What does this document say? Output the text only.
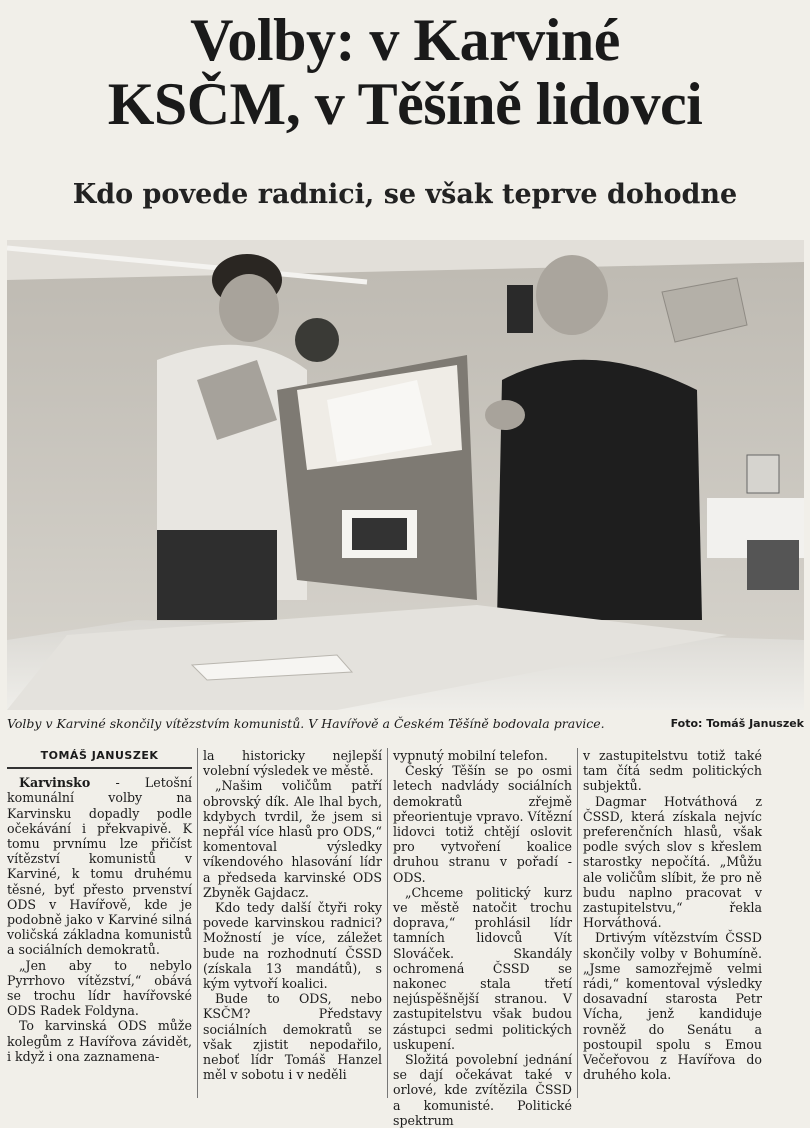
Volby: v Karviné
KSČM, v Těšíně lidovci
Kdo povede radnici, se však teprve dohodne
Volby v Karviné skončily vítězstvím komunistů. V Havířově a Českém Těšíně bodovala pravice.	Foto: Tomáš Januszek
TOMÁŠ JANUSZEK

Karvinsko - Letošní komunální volby na Karvinsku dopadly podle očekávání i překvapivě. K tomu prvnímu lze přičíst vítězství komunistů v Karviné, k tomu druhému těsné, byť přesto prvenství ODS v Havířově, kde je podobně jako v Karviné silná voličská základna komunistů a sociálních demokratů.

„Jen aby to nebylo Pyrrhovo vítězství,“ obává se trochu lídr havířovské ODS Radek Foldyna.

To karvinská ODS může kolegům z Havířova závidět, i když i ona zaznamena-

la historicky nejlepší volební výsledek ve městě.

„Našim voličům patří obrovský dík. Ale lhal bych, kdybych tvrdil, že jsem si nepřál více hlasů pro ODS,“ komentoval výsledky víkendového hlasování lídr a předseda karvinské ODS Zbyněk Gajdacz.

Kdo tedy další čtyři roky povede karvinskou radnici? Možností je více, záležet bude na rozhodnutí ČSSD (získala 13 mandátů), s kým vytvoří koalici.

Bude to ODS, nebo KSČM? Představy sociálních demokratů se však zjistit nepodařilo, neboť lídr Tomáš Hanzel měl v sobotu i v neděli

vypnutý mobilní telefon.

Český Těšín se po osmi letech nadvlády sociálních demokratů zřejmě přeorientuje vpravo. Vítězní lidovci totiž chtějí oslovit pro vytvoření koalice druhou stranu v pořadí - ODS.

„Chceme politický kurz ve městě natočit trochu doprava,“ prohlásil lídr tamních lidovců Vít Slováček. Skandály ochromená ČSSD se nakonec stala třetí nejúspěšnější stranou. V zastupitelstvu však budou zástupci sedmi politických uskupení.

Složitá povolební jednání se dají očekávat také v orlové, kde zvítězila ČSSD a komunisté. Politické spektrum

v zastupitelstvu totiž také tam čítá sedm politických subjektů.

Dagmar Hotváthová z ČSSD, která získala nejvíc preferenčních hlasů, však podle svých slov s křeslem starostky nepočítá. „Můžu ale voličům slíbit, že pro ně budu naplno pracovat v zastupitelstvu,“ řekla Horváthová.

Drtivým vítězstvím ČSSD skončily volby v Bohumíně. „Jsme samozřejmě velmi rádi,“ komentoval výsledky dosavadní starosta Petr Vícha, jenž kandiduje rovněž do Senátu a postoupil spolu s Emou Večeřovou z Havířova do druhého kola.
